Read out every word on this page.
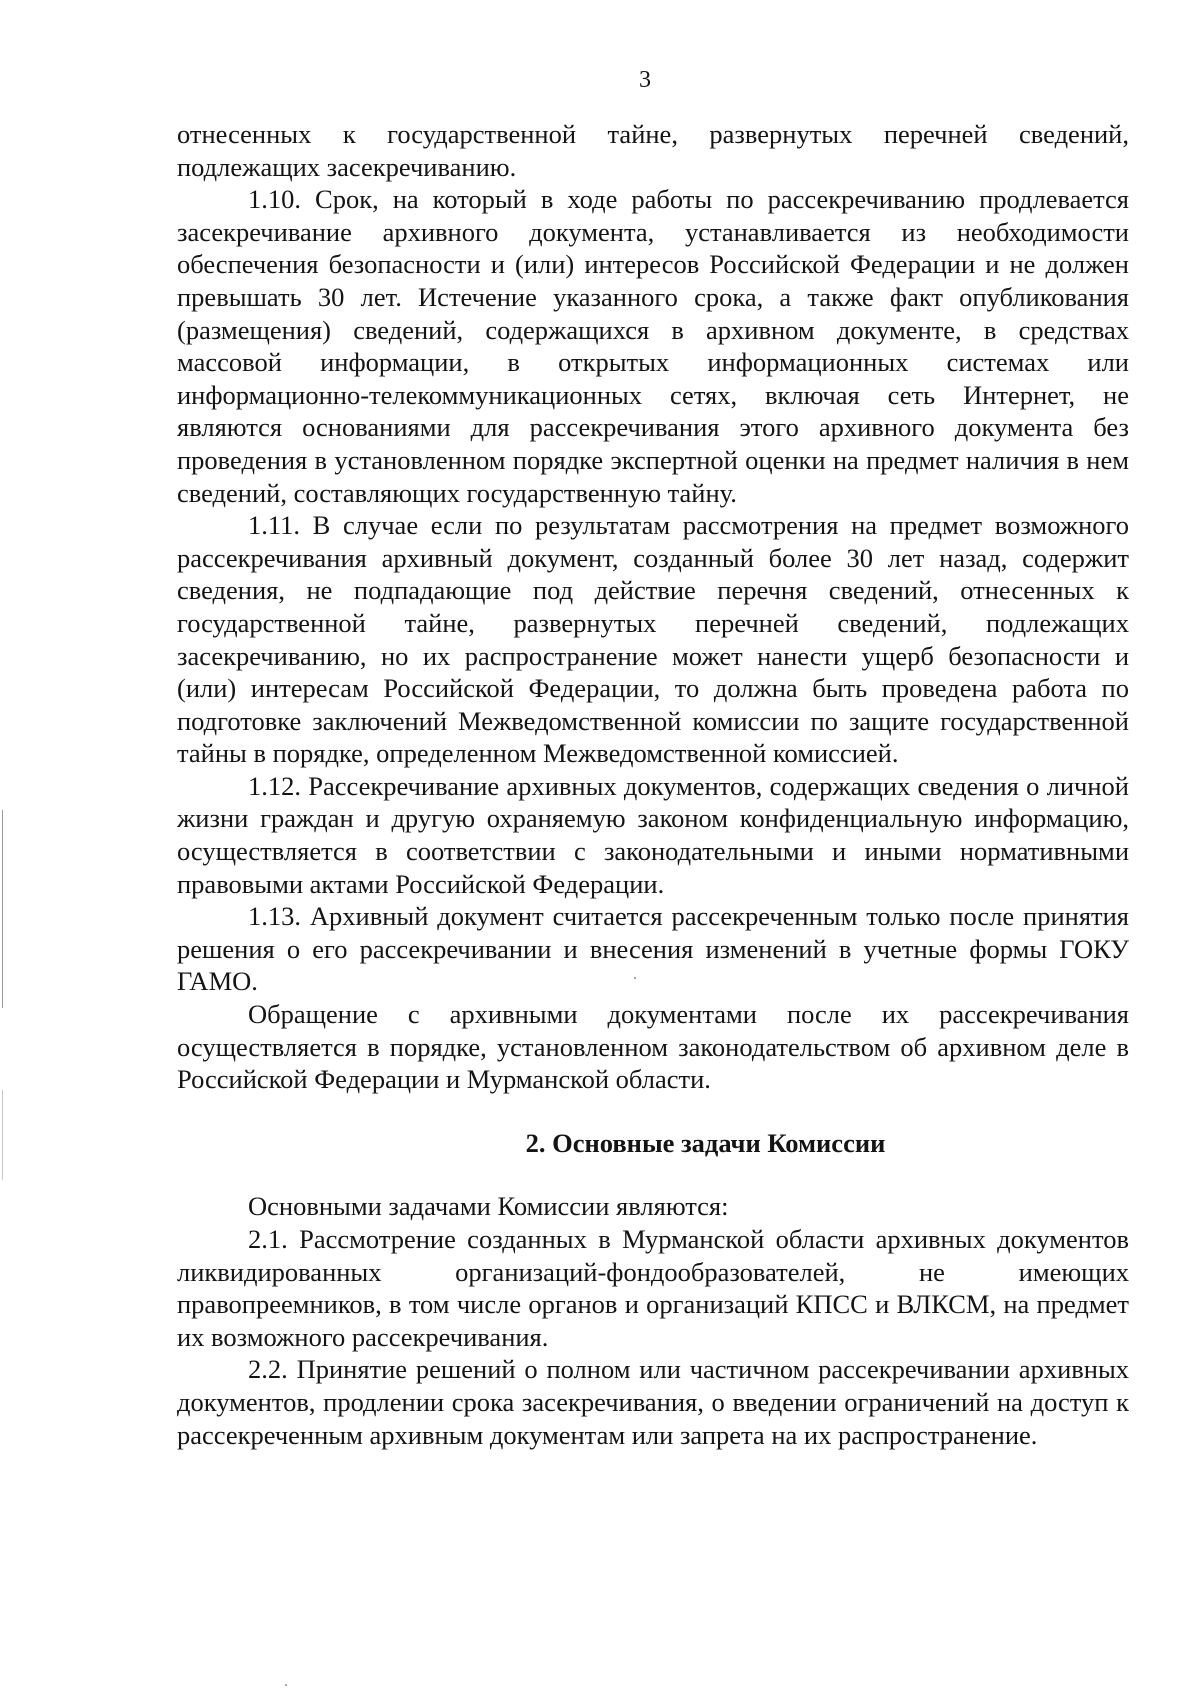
3

отнесенных к государственной тайне, развернутых перечней сведений, подлежащих засекречиванию.

1.10. Срок, на который в ходе работы по рассекречиванию продлевается засекречивание архивного документа, устанавливается из необходимости обеспечения безопасности и (или) интересов Российской Федерации и не должен превышать 30 лет. Истечение указанного срока, а также факт опубликования (размещения) сведений, содержащихся в архивном документе, в средствах массовой информации, в открытых информационных системах или информационно-телекоммуникационных сетях, включая сеть Интернет, не являются основаниями для рассекречивания этого архивного документа без проведения в установленном порядке экспертной оценки на предмет наличия в нем сведений, составляющих государственную тайну.

1.11. В случае если по результатам рассмотрения на предмет возможного рассекречивания архивный документ, созданный более 30 лет назад, содержит сведения, не подпадающие под действие перечня сведений, отнесенных к государственной тайне, развернутых перечней сведений, подлежащих засекречиванию, но их распространение может нанести ущерб безопасности и (или) интересам Российской Федерации, то должна быть проведена работа по подготовке заключений Межведомственной комиссии по защите государственной тайны в порядке, определенном Межведомственной комиссией.

1.12. Рассекречивание архивных документов, содержащих сведения о личной жизни граждан и другую охраняемую законом конфиденциальную информацию, осуществляется в соответствии с законодательными и иными нормативными правовыми актами Российской Федерации.

1.13. Архивный документ считается рассекреченным только после принятия решения о его рассекречивании и внесения изменений в учетные формы ГОКУ ГАМО.

Обращение с архивными документами после их рассекречивания осуществляется в порядке, установленном законодательством об архивном деле в Российской Федерации и Мурманской области.

2. Основные задачи Комиссии

Основными задачами Комиссии являются:

2.1. Рассмотрение созданных в Мурманской области архивных документов ликвидированных организаций-фондообразователей, не имеющих правопреемников, в том числе органов и организаций КПСС и ВЛКСМ, на предмет их возможного рассекречивания.

2.2. Принятие решений о полном или частичном рассекречивании архивных документов, продлении срока засекречивания, о введении ограничений на доступ к рассекреченным архивным документам или запрета на их распространение.
